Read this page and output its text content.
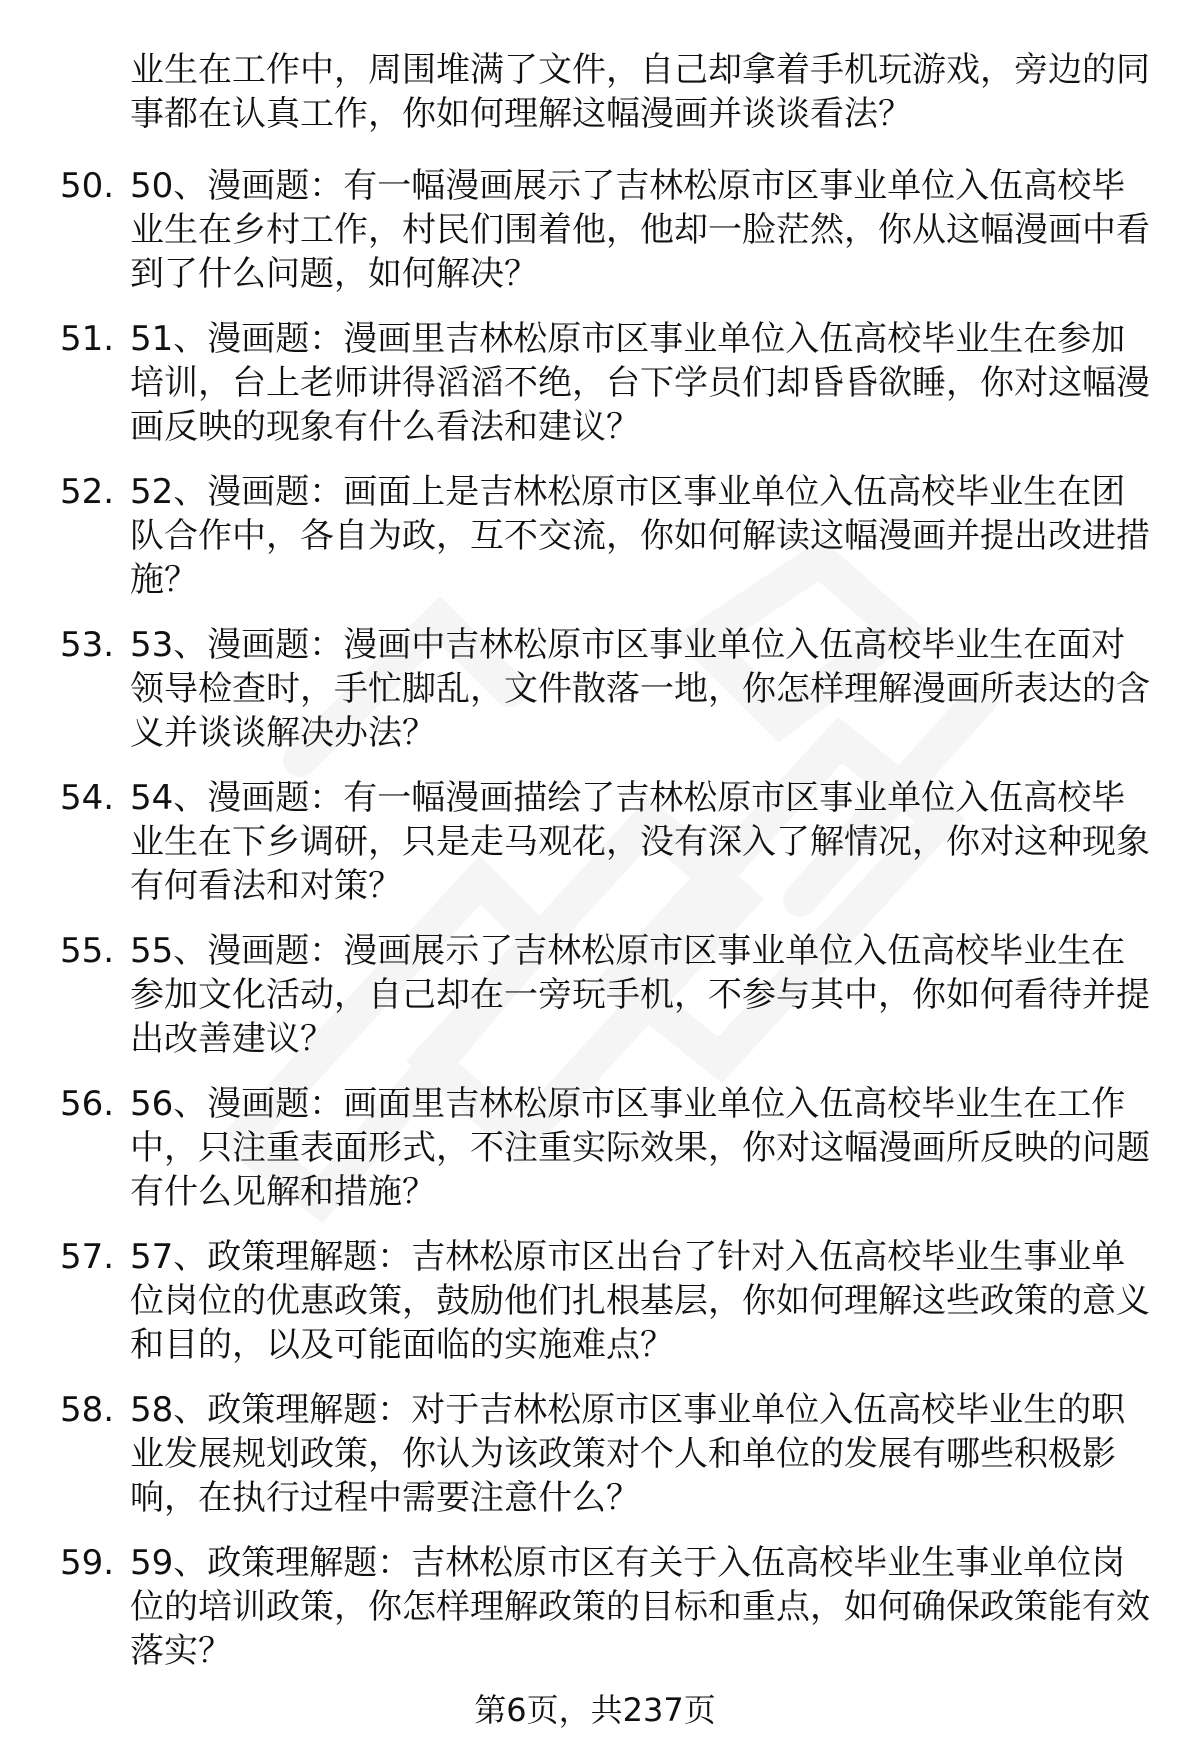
业生在工作中，周围堆满了文件，自己却拿着手机玩游戏，旁边的同事都在认真工作，你如何理解这幅漫画并谈谈看法？

50. 50、漫画题：有一幅漫画展示了吉林松原市区事业单位入伍高校毕业生在乡村工作，村民们围着他，他却一脸茫然，你从这幅漫画中看到了什么问题，如何解决？

51. 51、漫画题：漫画里吉林松原市区事业单位入伍高校毕业生在参加培训，台上老师讲得滔滔不绝，台下学员们却昏昏欲睡，你对这幅漫画反映的现象有什么看法和建议？

52. 52、漫画题：画面上是吉林松原市区事业单位入伍高校毕业生在团队合作中，各自为政，互不交流，你如何解读这幅漫画并提出改进措施？

53. 53、漫画题：漫画中吉林松原市区事业单位入伍高校毕业生在面对领导检查时，手忙脚乱，文件散落一地，你怎样理解漫画所表达的含义并谈谈解决办法？

54. 54、漫画题：有一幅漫画描绘了吉林松原市区事业单位入伍高校毕业生在下乡调研，只是走马观花，没有深入了解情况，你对这种现象有何看法和对策？

55. 55、漫画题：漫画展示了吉林松原市区事业单位入伍高校毕业生在参加文化活动，自己却在一旁玩手机，不参与其中，你如何看待并提出改善建议？

56. 56、漫画题：画面里吉林松原市区事业单位入伍高校毕业生在工作中，只注重表面形式，不注重实际效果，你对这幅漫画所反映的问题有什么见解和措施？

57. 57、政策理解题：吉林松原市区出台了针对入伍高校毕业生事业单位岗位的优惠政策，鼓励他们扎根基层，你如何理解这些政策的意义和目的，以及可能面临的实施难点？

58. 58、政策理解题：对于吉林松原市区事业单位入伍高校毕业生的职业发展规划政策，你认为该政策对个人和单位的发展有哪些积极影响，在执行过程中需要注意什么？

59. 59、政策理解题：吉林松原市区有关于入伍高校毕业生事业单位岗位的培训政策，你怎样理解政策的目标和重点，如何确保政策能有效落实？

第6页，共237页
